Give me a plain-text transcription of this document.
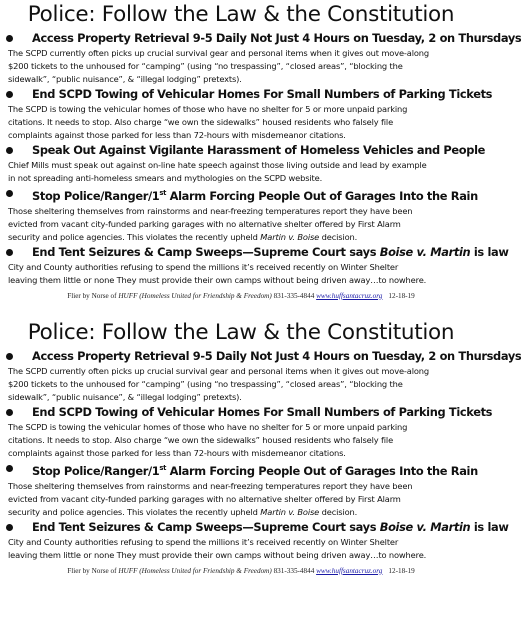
Police: Follow the Law & the Constitution
Access Property Retrieval 9-5 Daily Not Just 4 Hours on Tuesday, 2 on Thursdays
The SCPD currently often picks up crucial survival gear and personal items when it gives out move-along
$200 tickets to the unhoused for “camping” (using “no trespassing”, “closed areas”, “blocking the
sidewalk”, “public nuisance”, & “illegal lodging” pretexts).
End SCPD Towing of Vehicular Homes For Small Numbers of Parking Tickets
The SCPD is towing the vehicular homes of those who have no shelter for 5 or more unpaid parking
citations. It needs to stop. Also charge “we own the sidewalks” housed residents who falsely file
complaints against those parked for less than 72-hours with misdemeanor citations.
Speak Out Against Vigilante Harassment of Homeless Vehicles and People
Chief Mills must speak out against on-line hate speech against those living outside and lead by example
in not spreading anti-homeless smears and mythologies on the SCPD website.
Stop Police/Ranger/1st Alarm Forcing People Out of Garages Into the Rain
Those sheltering themselves from rainstorms and near-freezing temperatures report they have been
evicted from vacant city-funded parking garages with no alternative shelter offered by First Alarm
security and police agencies. This violates the recently upheld Martin v. Boise decision.
End Tent Seizures & Camp Sweeps—Supreme Court says Boise v. Martin is law
City and County authorities refusing to spend the millions it’s received recently on Winter Shelter
leaving them little or none They must provide their own camps without being driven away…to nowhere.
Flier by Norse of HUFF (Homeless United for Friendship & Freedom) 831-335-4844 www.huffsantacruz.org 12-18-19
Police: Follow the Law & the Constitution
Access Property Retrieval 9-5 Daily Not Just 4 Hours on Tuesday, 2 on Thursdays
The SCPD currently often picks up crucial survival gear and personal items when it gives out move-along
$200 tickets to the unhoused for “camping” (using “no trespassing”, “closed areas”, “blocking the
sidewalk”, “public nuisance”, & “illegal lodging” pretexts).
End SCPD Towing of Vehicular Homes For Small Numbers of Parking Tickets
The SCPD is towing the vehicular homes of those who have no shelter for 5 or more unpaid parking
citations. It needs to stop. Also charge “we own the sidewalks” housed residents who falsely file
complaints against those parked for less than 72-hours with misdemeanor citations.
Stop Police/Ranger/1st Alarm Forcing People Out of Garages Into the Rain
Those sheltering themselves from rainstorms and near-freezing temperatures report they have been
evicted from vacant city-funded parking garages with no alternative shelter offered by First Alarm
security and police agencies. This violates the recently upheld Martin v. Boise decision.
End Tent Seizures & Camp Sweeps—Supreme Court says Boise v. Martin is law
City and County authorities refusing to spend the millions it’s received recently on Winter Shelter
leaving them little or none They must provide their own camps without being driven away…to nowhere.
Flier by Norse of HUFF (Homeless United for Friendship & Freedom) 831-335-4844 www.huffsantacruz.org 12-18-19
